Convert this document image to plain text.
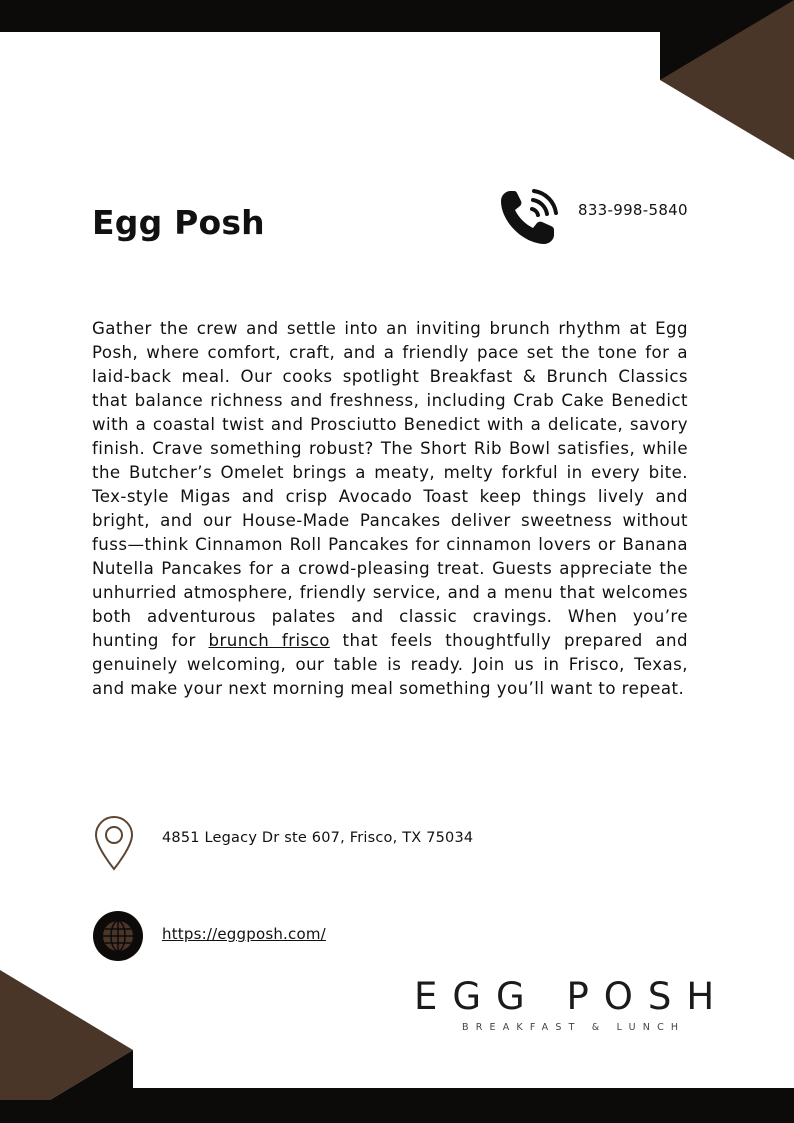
Egg Posh	833-998-5840

Gather the crew and settle into an inviting brunch rhythm at Egg Posh, where comfort, craft, and a friendly pace set the tone for a laid-back meal. Our cooks spotlight Breakfast & Brunch Classics that balance richness and freshness, including Crab Cake Benedict with a coastal twist and Prosciutto Benedict with a delicate, savory finish. Crave something robust? The Short Rib Bowl satisfies, while the Butcher’s Omelet brings a meaty, melty forkful in every bite. Tex-style Migas and crisp Avocado Toast keep things lively and bright, and our House-Made Pancakes deliver sweetness without fuss—think Cinnamon Roll Pancakes for cinnamon lovers or Banana Nutella Pancakes for a crowd-pleasing treat. Guests appreciate the unhurried atmosphere, friendly service, and a menu that welcomes both adventurous palates and classic cravings. When you’re hunting for brunch frisco that feels thoughtfully prepared and genuinely welcoming, our table is ready. Join us in Frisco, Texas, and make your next morning meal something you’ll want to repeat.

4851 Legacy Dr ste 607, Frisco, TX 75034
https://eggposh.com/
EGG POSH
BREAKFAST & LUNCH
